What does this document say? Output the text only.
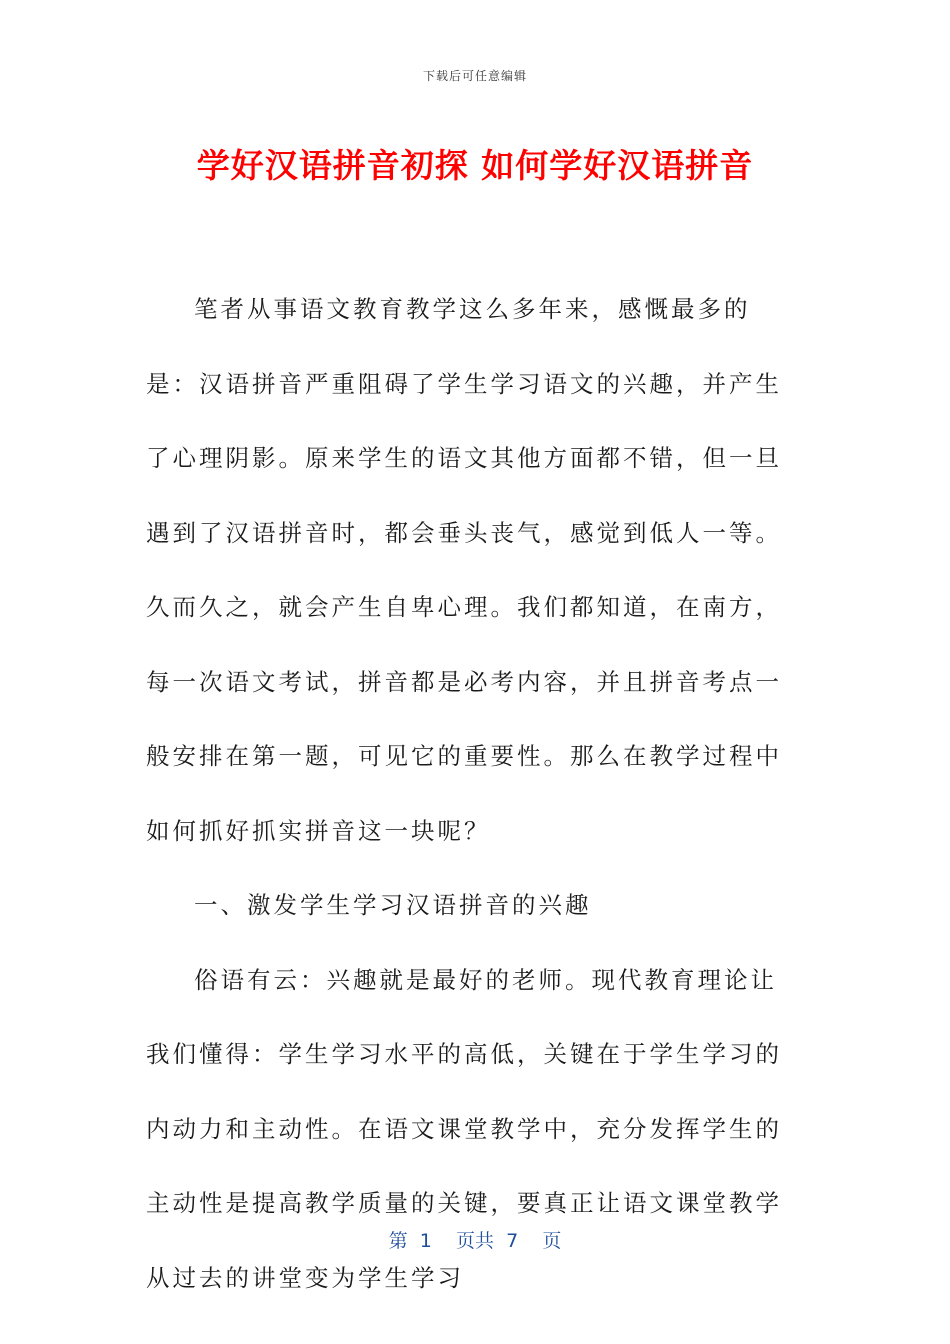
下载后可任意编辑
学好汉语拼音初探 如何学好汉语拼音

笔者从事语文教育教学这么多年来，感慨最多的是：汉语拼音严重阻碍了学生学习语文的兴趣，并产生了心理阴影。原来学生的语文其他方面都不错，但一旦遇到了汉语拼音时，都会垂头丧气，感觉到低人一等。久而久之，就会产生自卑心理。我们都知道，在南方，每一次语文考试，拼音都是必考内容，并且拼音考点一般安排在第一题，可见它的重要性。那么在教学过程中如何抓好抓实拼音这一块呢？

一、激发学生学习汉语拼音的兴趣

俗语有云：兴趣就是最好的老师。现代教育理论让我们懂得：学生学习水平的高低，关键在于学生学习的内动力和主动性。在语文课堂教学中，充分发挥学生的主动性是提高教学质量的关键，要真正让语文课堂教学从过去的讲堂变为学生学习

第  1    页共  7    页
